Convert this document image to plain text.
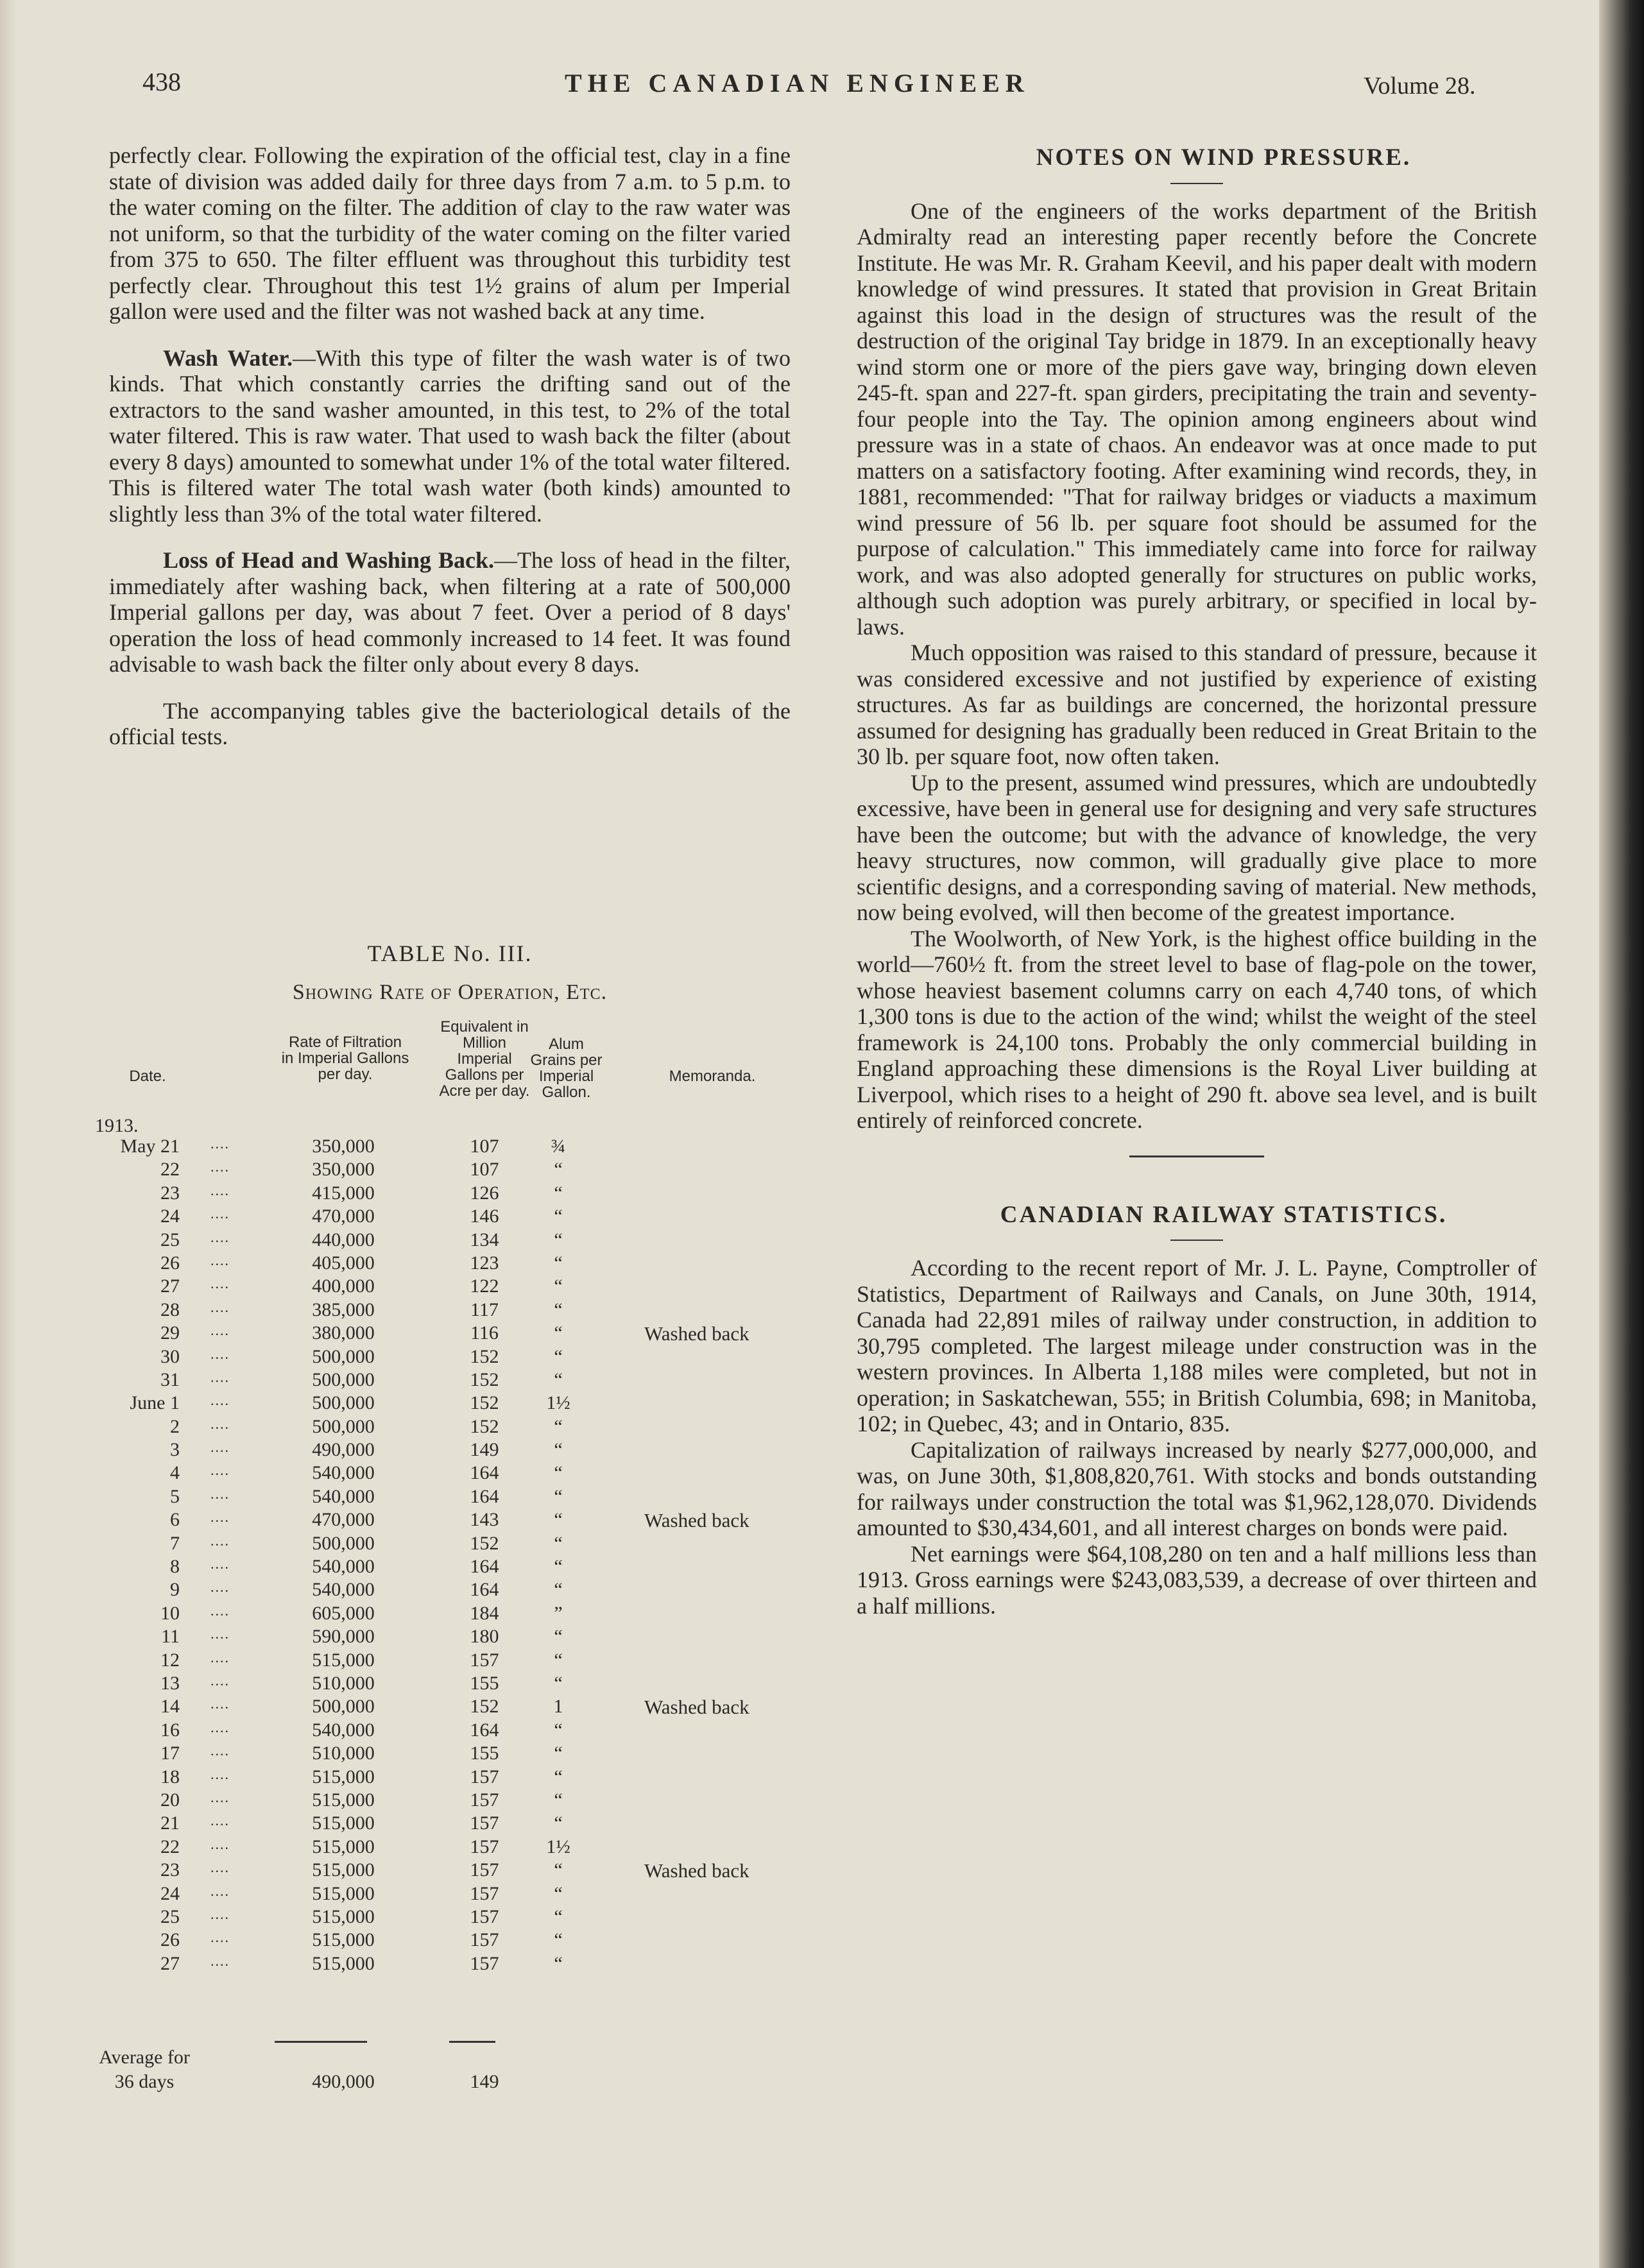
438	THE CANADIAN ENGINEER	Volume 28.

perfectly clear. Following the expiration of the official test, clay in a fine state of division was added daily for three days from 7 a.m. to 5 p.m. to the water coming on the filter. The addition of clay to the raw water was not uniform, so that the turbidity of the water coming on the filter varied from 375 to 650. The filter effluent was throughout this turbidity test perfectly clear. Throughout this test 1½ grains of alum per Imperial gallon were used and the filter was not washed back at any time.

Wash Water.—With this type of filter the wash water is of two kinds. That which constantly carries the drifting sand out of the extractors to the sand washer amounted, in this test, to 2% of the total water filtered. This is raw water. That used to wash back the filter (about every 8 days) amounted to somewhat under 1% of the total water filtered. This is filtered water The total wash water (both kinds) amounted to slightly less than 3% of the total water filtered.

Loss of Head and Washing Back.—The loss of head in the filter, immediately after washing back, when filtering at a rate of 500,000 Imperial gallons per day, was about 7 feet. Over a period of 8 days' operation the loss of head commonly increased to 14 feet. It was found advisable to wash back the filter only about every 8 days.

The accompanying tables give the bacteriological details of the official tests.

TABLE No. III.
Showing Rate of Operation, Etc.
Date.
Rate of Filtration in Imperial Gallons per day.
Equivalent in Million Imperial Gallons per Acre per day.
Alum Grains per Imperial Gallon.
Memoranda.
1913.
May 21 ....	350,000	107	¾
22 ....	350,000	107	“
23 ....	415,000	126	“
24 ....	470,000	146	“
25 ....	440,000	134	“
26 ....	405,000	123	“
27 ....	400,000	122	“
28 ....	385,000	117	“
29 ....	380,000	116	“	Washed back
30 ....	500,000	152	“
31 ....	500,000	152	“
June 1 ....	500,000	152	1½
2 ....	500,000	152	“
3 ....	490,000	149	“
4 ....	540,000	164	“
5 ....	540,000	164	“
6 ....	470,000	143	“	Washed back
7 ....	500,000	152	“
8 ....	540,000	164	“
9 ....	540,000	164	“
10 ....	605,000	184	”
11 ....	590,000	180	“
12 ....	515,000	157	“
13 ....	510,000	155	“
14 ....	500,000	152	1	Washed back
16 ....	540,000	164	“
17 ....	510,000	155	“
18 ....	515,000	157	“
20 ....	515,000	157	“
21 ....	515,000	157	“
22 ....	515,000	157	1½
23 ....	515,000	157	“	Washed back
24 ....	515,000	157	“
25 ....	515,000	157	“
26 ....	515,000	157	“
27 ....	515,000	157	“
Average for
36 days	490,000	149

NOTES ON WIND PRESSURE.

One of the engineers of the works department of the British Admiralty read an interesting paper recently before the Concrete Institute. He was Mr. R. Graham Keevil, and his paper dealt with modern knowledge of wind pressures. It stated that provision in Great Britain against this load in the design of structures was the result of the destruction of the original Tay bridge in 1879. In an exceptionally heavy wind storm one or more of the piers gave way, bringing down eleven 245-ft. span and 227-ft. span girders, precipitating the train and seventy-four people into the Tay. The opinion among engineers about wind pressure was in a state of chaos. An endeavor was at once made to put matters on a satisfactory footing. After examining wind records, they, in 1881, recommended: "That for railway bridges or viaducts a maximum wind pressure of 56 lb. per square foot should be assumed for the purpose of calculation." This immediately came into force for railway work, and was also adopted generally for structures on public works, although such adoption was purely arbitrary, or specified in local by-laws.

Much opposition was raised to this standard of pressure, because it was considered excessive and not justified by experience of existing structures. As far as buildings are concerned, the horizontal pressure assumed for designing has gradually been reduced in Great Britain to the 30 lb. per square foot, now often taken.

Up to the present, assumed wind pressures, which are undoubtedly excessive, have been in general use for designing and very safe structures have been the outcome; but with the advance of knowledge, the very heavy structures, now common, will gradually give place to more scientific designs, and a corresponding saving of material. New methods, now being evolved, will then become of the greatest importance.

The Woolworth, of New York, is the highest office building in the world—760½ ft. from the street level to base of flag-pole on the tower, whose heaviest basement columns carry on each 4,740 tons, of which 1,300 tons is due to the action of the wind; whilst the weight of the steel framework is 24,100 tons. Probably the only commercial building in England approaching these dimensions is the Royal Liver building at Liverpool, which rises to a height of 290 ft. above sea level, and is built entirely of reinforced concrete.

CANADIAN RAILWAY STATISTICS.

According to the recent report of Mr. J. L. Payne, Comptroller of Statistics, Department of Railways and Canals, on June 30th, 1914, Canada had 22,891 miles of railway under construction, in addition to 30,795 completed. The largest mileage under construction was in the western provinces. In Alberta 1,188 miles were completed, but not in operation; in Saskatchewan, 555; in British Columbia, 698; in Manitoba, 102; in Quebec, 43; and in Ontario, 835.

Capitalization of railways increased by nearly $277,000,000, and was, on June 30th, $1,808,820,761. With stocks and bonds outstanding for railways under construction the total was $1,962,128,070. Dividends amounted to $30,434,601, and all interest charges on bonds were paid.

Net earnings were $64,108,280 on ten and a half millions less than 1913. Gross earnings were $243,083,539, a decrease of over thirteen and a half millions.
